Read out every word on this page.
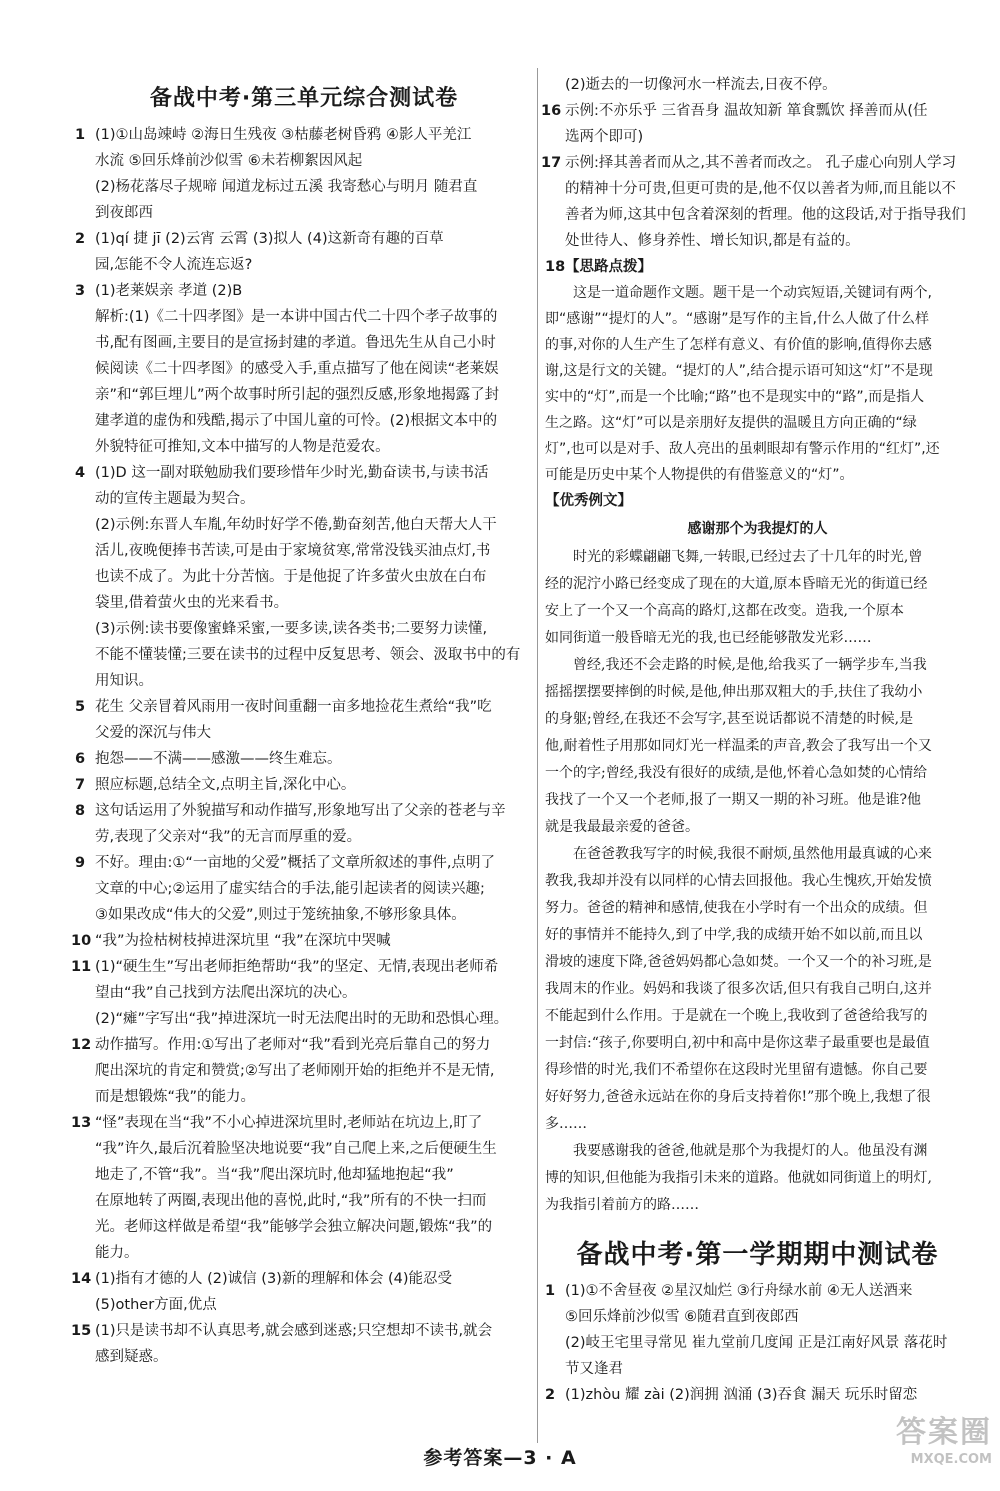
备战中考·第三单元综合测试卷
1 (1)①山岛竦峙 ②海日生残夜 ③枯藤老树昏鸦 ④影人平羌江
水流 ⑤回乐烽前沙似雪 ⑥未若柳絮因风起
(2)杨花落尽子规啼 闻道龙标过五溪 我寄愁心与明月 随君直
到夜郎西
2 (1)qí 捷 jī (2)云宵 云霄 (3)拟人 (4)这新奇有趣的百草
园,怎能不令人流连忘返?
3 (1)老莱娱亲 孝道 (2)B
解析:(1)《二十四孝图》是一本讲中国古代二十四个孝子故事的
书,配有图画,主要目的是宣扬封建的孝道。鲁迅先生从自己小时
候阅读《二十四孝图》的感受入手,重点描写了他在阅读“老莱娱
亲”和“郭巨埋儿”两个故事时所引起的强烈反感,形象地揭露了封
建孝道的虚伪和残酷,揭示了中国儿童的可怜。(2)根据文本中的
外貌特征可推知,文本中描写的人物是范爱农。
4 (1)D 这一副对联勉励我们要珍惜年少时光,勤奋读书,与读书活
动的宣传主题最为契合。
(2)示例:东晋人车胤,年幼时好学不倦,勤奋刻苦,他白天帮大人干
活儿,夜晚便捧书苦读,可是由于家境贫寒,常常没钱买油点灯,书
也读不成了。为此十分苦恼。于是他捉了许多萤火虫放在白布
袋里,借着萤火虫的光来看书。
(3)示例:读书要像蜜蜂采蜜,一要多读,读各类书;二要努力读懂,
不能不懂装懂;三要在读书的过程中反复思考、领会、汲取书中的有
用知识。
5 花生 父亲冒着风雨用一夜时间重翻一亩多地捡花生煮给“我”吃
父爱的深沉与伟大
6 抱怨——不满——感激——终生难忘。
7 照应标题,总结全文,点明主旨,深化中心。
8 这句话运用了外貌描写和动作描写,形象地写出了父亲的苍老与辛
劳,表现了父亲对“我”的无言而厚重的爱。
9 不好。理由:①“一亩地的父爱”概括了文章所叙述的事件,点明了
文章的中心;②运用了虚实结合的手法,能引起读者的阅读兴趣;
③如果改成“伟大的父爱”,则过于笼统抽象,不够形象具体。
10 “我”为捡枯树枝掉进深坑里 “我”在深坑中哭喊
11 (1)“硬生生”写出老师拒绝帮助“我”的坚定、无情,表现出老师希
望由“我”自己找到方法爬出深坑的决心。
(2)“瘫”字写出“我”掉进深坑一时无法爬出时的无助和恐惧心理。
12 动作描写。作用:①写出了老师对“我”看到光亮后靠自己的努力
爬出深坑的肯定和赞赏;②写出了老师刚开始的拒绝并不是无情,
而是想锻炼“我”的能力。
13 “怪”表现在当“我”不小心掉进深坑里时,老师站在坑边上,盯了
“我”许久,最后沉着脸坚决地说要“我”自己爬上来,之后便硬生生
地走了,不管“我”。当“我”爬出深坑时,他却猛地抱起“我”
在原地转了两圈,表现出他的喜悦,此时,“我”所有的不快一扫而
光。老师这样做是希望“我”能够学会独立解决问题,锻炼“我”的
能力。
14 (1)指有才德的人 (2)诚信 (3)新的理解和体会 (4)能忍受
(5)other方面,优点
15 (1)只是读书却不认真思考,就会感到迷惑;只空想却不读书,就会
感到疑惑。
(2)逝去的一切像河水一样流去,日夜不停。
16 示例:不亦乐乎 三省吾身 温故知新 箪食瓢饮 择善而从(任
选两个即可)
17 示例:择其善者而从之,其不善者而改之。 孔子虚心向别人学习
的精神十分可贵,但更可贵的是,他不仅以善者为师,而且能以不
善者为师,这其中包含着深刻的哲理。他的这段话,对于指导我们
处世待人、修身养性、增长知识,都是有益的。
18 【思路点拨】
这是一道命题作文题。题干是一个动宾短语,关键词有两个,
即“感谢”“提灯的人”。“感谢”是写作的主旨,什么人做了什么样
的事,对你的人生产生了怎样有意义、有价值的影响,值得你去感
谢,这是行文的关键。“提灯的人”,结合提示语可知这“灯”不是现
实中的“灯”,而是一个比喻;“路”也不是现实中的“路”,而是指人
生之路。这“灯”可以是亲朋好友提供的温暖且方向正确的“绿
灯”,也可以是对手、敌人亮出的虽刺眼却有警示作用的“红灯”,还
可能是历史中某个人物提供的有借鉴意义的“灯”。
【优秀例文】
感谢那个为我提灯的人
时光的彩蝶翩翩飞舞,一转眼,已经过去了十几年的时光,曾
经的泥泞小路已经变成了现在的大道,原本昏暗无光的街道已经
安上了一个又一个高高的路灯,这都在改变。造我,一个原本
如同街道一般昏暗无光的我,也已经能够散发光彩……
曾经,我还不会走路的时候,是他,给我买了一辆学步车,当我
摇摇摆摆要摔倒的时候,是他,伸出那双粗大的手,扶住了我幼小
的身躯;曾经,在我还不会写字,甚至说话都说不清楚的时候,是
他,耐着性子用那如同灯光一样温柔的声音,教会了我写出一个又
一个的字;曾经,我没有很好的成绩,是他,怀着心急如焚的心情给
我找了一个又一个老师,报了一期又一期的补习班。他是谁?他
就是我最最亲爱的爸爸。
在爸爸教我写字的时候,我很不耐烦,虽然他用最真诚的心来
教我,我却并没有以同样的心情去回报他。我心生愧疚,开始发愤
努力。爸爸的精神和感情,使我在小学时有一个出众的成绩。但
好的事情并不能持久,到了中学,我的成绩开始不如以前,而且以
滑坡的速度下降,爸爸妈妈都心急如焚。一个又一个的补习班,是
我周末的作业。妈妈和我谈了很多次话,但只有我自己明白,这并
不能起到什么作用。于是就在一个晚上,我收到了爸爸给我写的
一封信:“孩子,你要明白,初中和高中是你这辈子最重要也是最值
得珍惜的时光,我们不希望你在这段时光里留有遗憾。你自己要
好好努力,爸爸永远站在你的身后支持着你!”那个晚上,我想了很
多……
我要感谢我的爸爸,他就是那个为我提灯的人。他虽没有渊
博的知识,但他能为我指引未来的道路。他就如同街道上的明灯,
为我指引着前方的路……
备战中考·第一学期期中测试卷
1 (1)①不舍昼夜 ②星汉灿烂 ③行舟绿水前 ④无人送酒来
⑤回乐烽前沙似雪 ⑥随君直到夜郎西
(2)岐王宅里寻常见 崔九堂前几度闻 正是江南好风景 落花时
节又逢君
2 (1)zhòu 耀 zài (2)润拥 汹涌 (3)吞食 漏天 玩乐时留恋
参考答案—3 · A
答案圈
MXQE.COM
